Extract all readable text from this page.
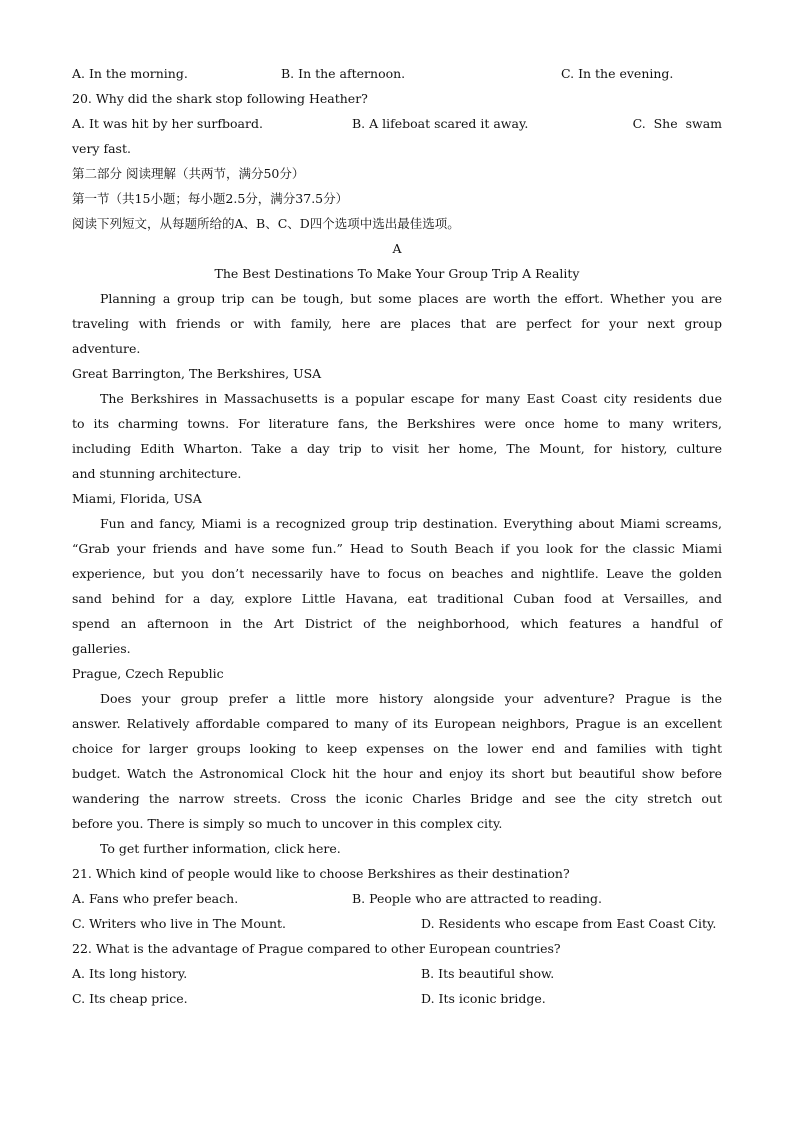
A. In the morning.	B. In the afternoon.	C. In the evening.
20. Why did the shark stop following Heather?
A. It was hit by her surfboard.	B. A lifeboat scared it away.	C.  She  swam
very fast.
第二部分 阅读理解（共两节，满分50分）
第一节（共15小题；每小题2.5分，满分37.5分）
阅读下列短文，从每题所给的A、B、C、D四个选项中选出最佳选项。
A
The Best Destinations To Make Your Group Trip A Reality
Planning a group trip can be tough, but some places are worth the effort. Whether you are
traveling with friends or with family, here are places that are perfect for your next group
adventure.
Great Barrington, The Berkshires, USA
The Berkshires in Massachusetts is a popular escape for many East Coast city residents due
to its charming towns. For literature fans, the Berkshires were once home to many writers,
including Edith Wharton. Take a day trip to visit her home, The Mount, for history, culture
and stunning architecture.
Miami, Florida, USA
Fun and fancy, Miami is a recognized group trip destination. Everything about Miami screams,
“Grab your friends and have some fun.” Head to South Beach if you look for the classic Miami
experience, but you don’t necessarily have to focus on beaches and nightlife. Leave the golden
sand behind for a day, explore Little Havana, eat traditional Cuban food at Versailles, and
spend an afternoon in the Art District of the neighborhood, which features a handful of
galleries.
Prague, Czech Republic
Does your group prefer a little more history alongside your adventure? Prague is the
answer. Relatively affordable compared to many of its European neighbors, Prague is an excellent
choice for larger groups looking to keep expenses on the lower end and families with tight
budget. Watch the Astronomical Clock hit the hour and enjoy its short but beautiful show before
wandering the narrow streets. Cross the iconic Charles Bridge and see the city stretch out
before you. There is simply so much to uncover in this complex city.
To get further information, click here.
21. Which kind of people would like to choose Berkshires as their destination?
A. Fans who prefer beach.	B. People who are attracted to reading.
C. Writers who live in The Mount.	D. Residents who escape from East Coast City.
22. What is the advantage of Prague compared to other European countries?
A. Its long history.	B. Its beautiful show.
C. Its cheap price.	D. Its iconic bridge.
